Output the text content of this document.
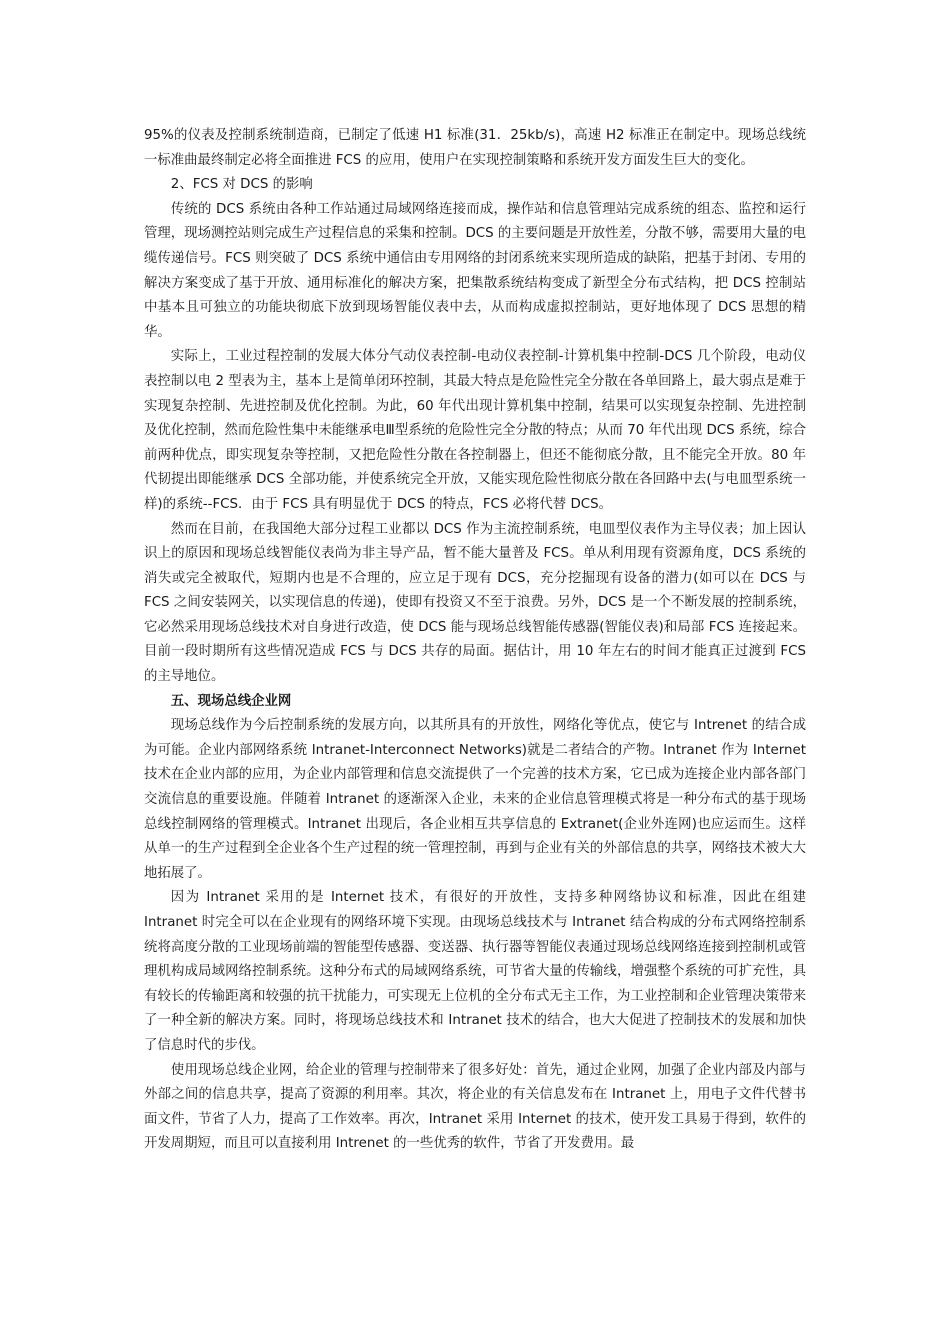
95%的仪表及控制系统制造商，已制定了低速 H1 标准(31．25kb/s)，高速 H2 标准正在制定中。现场总线统一标准曲最终制定必将全面推进 FCS 的应用，使用户在实现控制策略和系统开发方面发生巨大的变化。

2、FCS 对 DCS 的影响

传统的 DCS 系统由各种工作站通过局域网络连接而成，操作站和信息管理站完成系统的组态、监控和运行管理，现场测控站则完成生产过程信息的采集和控制。DCS 的主要问题是开放性差，分散不够，需要用大量的电缆传递信号。FCS 则突破了 DCS 系统中通信由专用网络的封闭系统来实现所造成的缺陷，把基于封闭、专用的解决方案变成了基于开放、通用标准化的解决方案，把集散系统结构变成了新型全分布式结构，把 DCS 控制站中基本且可独立的功能块彻底下放到现场智能仪表中去，从而构成虚拟控制站，更好地体现了 DCS 思想的精华。

实际上，工业过程控制的发展大体分气动仪表控制-电动仪表控制-计算机集中控制-DCS 几个阶段，电动仪表控制以电 2 型表为主，基本上是简单闭环控制，其最大特点是危险性完全分散在各单回路上，最大弱点是难于实现复杂控制、先进控制及优化控制。为此，60 年代出现计算机集中控制，结果可以实现复杂控制、先进控制及优化控制，然而危险性集中未能继承电Ⅲ型系统的危险性完全分散的特点；从而 70 年代出现 DCS 系统，综合前两种优点，即实现复杂等控制，又把危险性分散在各控制器上，但还不能彻底分散，且不能完全开放。80 年代韧提出即能继承 DCS 全部功能，并使系统完全开放，又能实现危险性彻底分散在各回路中去(与电皿型系统一样)的系统--FCS．由于 FCS 具有明显优于 DCS 的特点，FCS 必将代替 DCS。

然而在目前，在我国绝大部分过程工业都以 DCS 作为主流控制系统，电皿型仪表作为主导仪表；加上因认识上的原因和现场总线智能仪表尚为非主导产品，暂不能大量普及 FCS。单从利用现有资源角度，DCS 系统的消失或完全被取代，短期内也是不合理的，应立足于现有 DCS，充分挖掘现有设备的潜力(如可以在 DCS 与 FCS 之间安装网关，以实现信息的传递)，使即有投资又不至于浪费。另外，DCS 是一个不断发展的控制系统，它必然采用现场总线技术对自身进行改造，使 DCS 能与现场总线智能传感器(智能仪表)和局部 FCS 连接起来。目前一段时期所有这些情况造成 FCS 与 DCS 共存的局面。据估计，用 10 年左右的时间才能真正过渡到 FCS 的主导地位。

五、现场总线企业网

现场总线作为今后控制系统的发展方向，以其所具有的开放性，网络化等优点，使它与 Intrenet 的结合成为可能。企业内部网络系统 Intranet-Interconnect Networks)就是二者结合的产物。Intranet 作为 Internet 技术在企业内部的应用，为企业内部管理和信息交流提供了一个完善的技术方案，它已成为连接企业内部各部门交流信息的重要设施。伴随着 Intranet 的逐渐深入企业，未来的企业信息管理模式将是一种分布式的基于现场总线控制网络的管理模式。Intranet 出现后，各企业相互共享信息的 Extranet(企业外连网)也应运而生。这样从单一的生产过程到全企业各个生产过程的统一管理控制，再到与企业有关的外部信息的共享，网络技术被大大地拓展了。

因为 Intranet 采用的是 Internet 技术，有很好的开放性，支持多种网络协议和标准，因此在组建 Intranet 时完全可以在企业现有的网络环境下实现。由现场总线技术与 Intranet 结合构成的分布式网络控制系统将高度分散的工业现场前端的智能型传感器、变送器、执行器等智能仪表通过现场总线网络连接到控制机或管理机构成局域网络控制系统。这种分布式的局域网络系统，可节省大量的传输线，增强整个系统的可扩充性，具有较长的传输距离和较强的抗干扰能力，可实现无上位机的全分布式无主工作，为工业控制和企业管理决策带来了一种全新的解决方案。同时，将现场总线技术和 Intranet 技术的结合，也大大促进了控制技术的发展和加快了信息时代的步伐。

使用现场总线企业网，给企业的管理与控制带来了很多好处：首先，通过企业网，加强了企业内部及内部与外部之间的信息共享，提高了资源的利用率。其次，将企业的有关信息发布在 Intranet 上，用电子文件代替书面文件，节省了人力，提高了工作效率。再次，Intranet 采用 Internet 的技术，使开发工具易于得到，软件的开发周期短，而且可以直接利用 Intrenet 的一些优秀的软件，节省了开发费用。最
